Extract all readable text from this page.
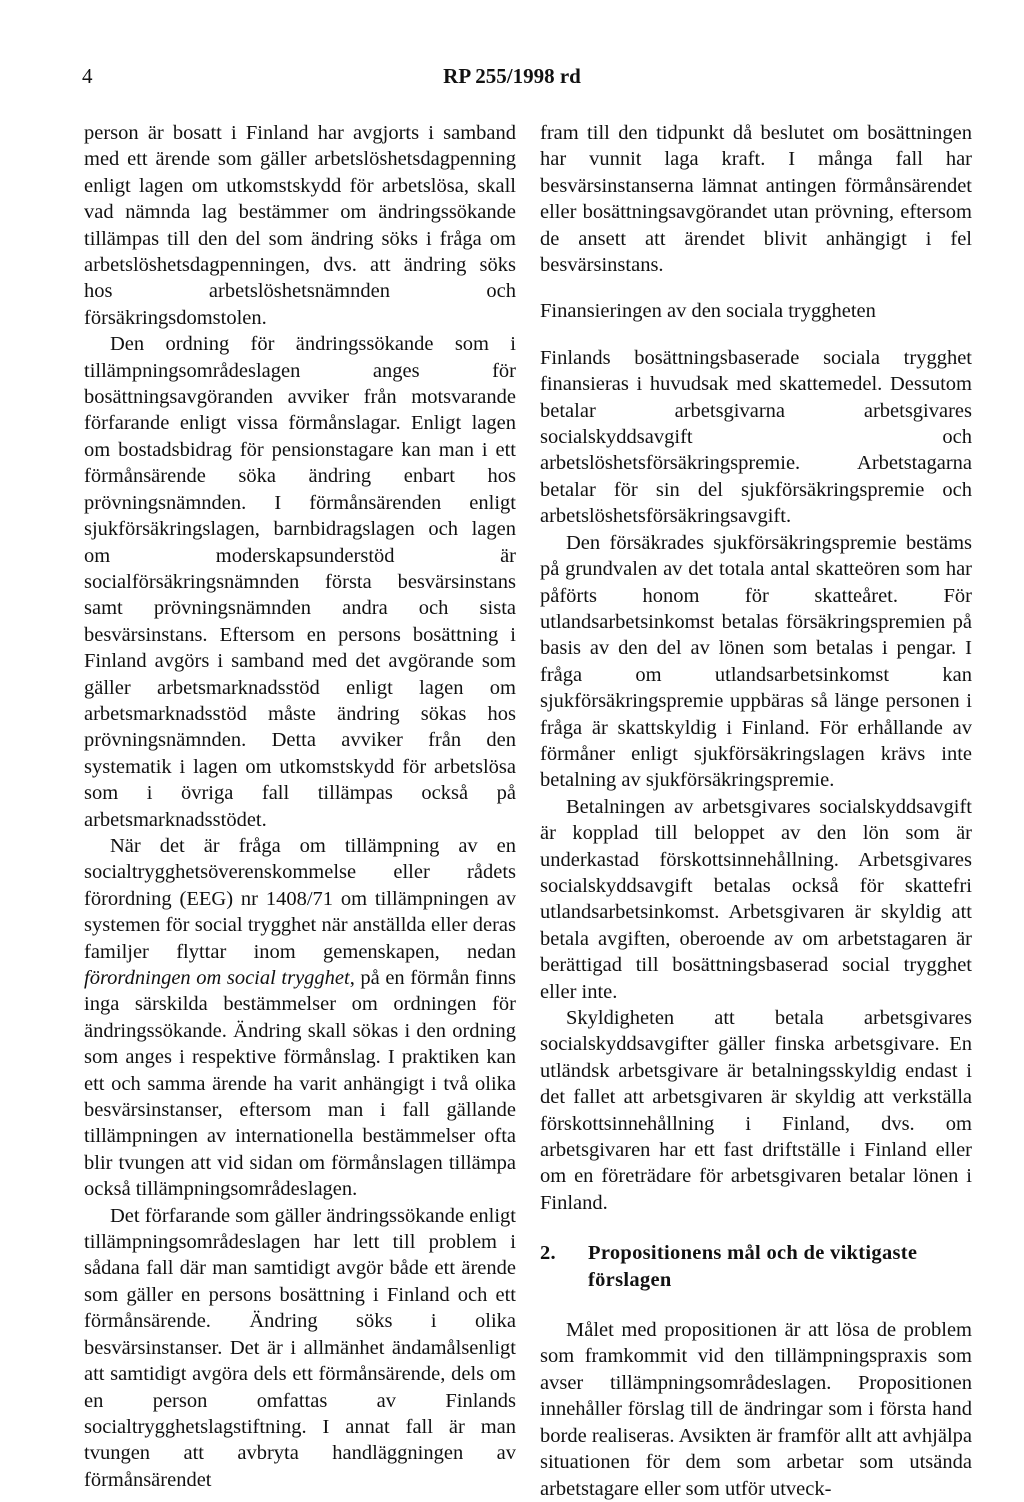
4	RP 255/1998 rd

person är bosatt i Finland har avgjorts i samband med ett ärende som gäller arbetslöshetsdagpenning enligt lagen om utkomstskydd för arbetslösa, skall vad nämnda lag bestämmer om ändringssökande tillämpas till den del som ändring söks i fråga om arbetslöshetsdagpenningen, dvs. att ändring söks hos arbetslöshetsnämnden och försäkringsdomstolen.

Den ordning för ändringssökande som i tillämpningsområdeslagen anges för bosättningsavgöranden avviker från motsvarande förfarande enligt vissa förmånslagar. Enligt lagen om bostadsbidrag för pensionstagare kan man i ett förmånsärende söka ändring enbart hos prövningsnämnden. I förmånsärenden enligt sjukförsäkringslagen, barnbidragslagen och lagen om moderskapsunderstöd är socialförsäkringsnämnden första besvärsinstans samt prövningsnämnden andra och sista besvärsinstans. Eftersom en persons bosättning i Finland avgörs i samband med det avgörande som gäller arbetsmarknadsstöd enligt lagen om arbetsmarknadsstöd måste ändring sökas hos prövningsnämnden. Detta avviker från den systematik i lagen om utkomstskydd för arbetslösa som i övriga fall tillämpas också på arbetsmarknadsstödet.

När det är fråga om tillämpning av en socialtrygghetsöverenskommelse eller rådets förordning (EEG) nr 1408/71 om tillämpningen av systemen för social trygghet när anställda eller deras familjer flyttar inom gemenskapen, nedan förordningen om social trygghet, på en förmån finns inga särskilda bestämmelser om ordningen för ändringssökande. Ändring skall sökas i den ordning som anges i respektive förmånslag. I praktiken kan ett och samma ärende ha varit anhängigt i två olika besvärsinstanser, eftersom man i fall gällande tillämpningen av internationella bestämmelser ofta blir tvungen att vid sidan om förmånslagen tillämpa också tillämpningsområdeslagen.

Det förfarande som gäller ändringssökande enligt tillämpningsområdeslagen har lett till problem i sådana fall där man samtidigt avgör både ett ärende som gäller en persons bosättning i Finland och ett förmånsärende. Ändring söks i olika besvärsinstanser. Det är i allmänhet ändamålsenligt att samtidigt avgöra dels ett förmånsärende, dels om en person omfattas av Finlands socialtrygghetslagstiftning. I annat fall är man tvungen att avbryta handläggningen av förmånsärendet

fram till den tidpunkt då beslutet om bosättningen har vunnit laga kraft. I många fall har besvärsinstanserna lämnat antingen förmånsärendet eller bosättningsavgörandet utan prövning, eftersom de ansett att ärendet blivit anhängigt i fel besvärsinstans.

Finansieringen av den sociala tryggheten

Finlands bosättningsbaserade sociala trygghet finansieras i huvudsak med skattemedel. Dessutom betalar arbetsgivarna arbetsgivares socialskyddsavgift och arbetslöshetsförsäkringspremie. Arbetstagarna betalar för sin del sjukförsäkringspremie och arbetslöshetsförsäkringsavgift.

Den försäkrades sjukförsäkringspremie bestäms på grundvalen av det totala antal skatteören som har påförts honom för skatteåret. För utlandsarbetsinkomst betalas försäkringspremien på basis av den del av lönen som betalas i pengar. I fråga om utlandsarbetsinkomst kan sjukförsäkringspremie uppbäras så länge personen i fråga är skattskyldig i Finland. För erhållande av förmåner enligt sjukförsäkringslagen krävs inte betalning av sjukförsäkringspremie.

Betalningen av arbetsgivares socialskyddsavgift är kopplad till beloppet av den lön som är underkastad förskottsinnehållning. Arbetsgivares socialskyddsavgift betalas också för skattefri utlandsarbetsinkomst. Arbetsgivaren är skyldig att betala avgiften, oberoende av om arbetstagaren är berättigad till bosättningsbaserad social trygghet eller inte.

Skyldigheten att betala arbetsgivares socialskyddsavgifter gäller finska arbetsgivare. En utländsk arbetsgivare är betalningsskyldig endast i det fallet att arbetsgivaren är skyldig att verkställa förskottsinnehållning i Finland, dvs. om arbetsgivaren har ett fast driftställe i Finland eller om en företrädare för arbetsgivaren betalar lönen i Finland.

2.	Propositionens mål och de viktigaste förslagen

Målet med propositionen är att lösa de problem som framkommit vid den tillämpningspraxis som avser tillämpningsområdeslagen. Propositionen innehåller förslag till de ändringar som i första hand borde realiseras. Avsikten är framför allt att avhjälpa situationen för dem som arbetar som utsända arbetstagare eller som utför utveck-
